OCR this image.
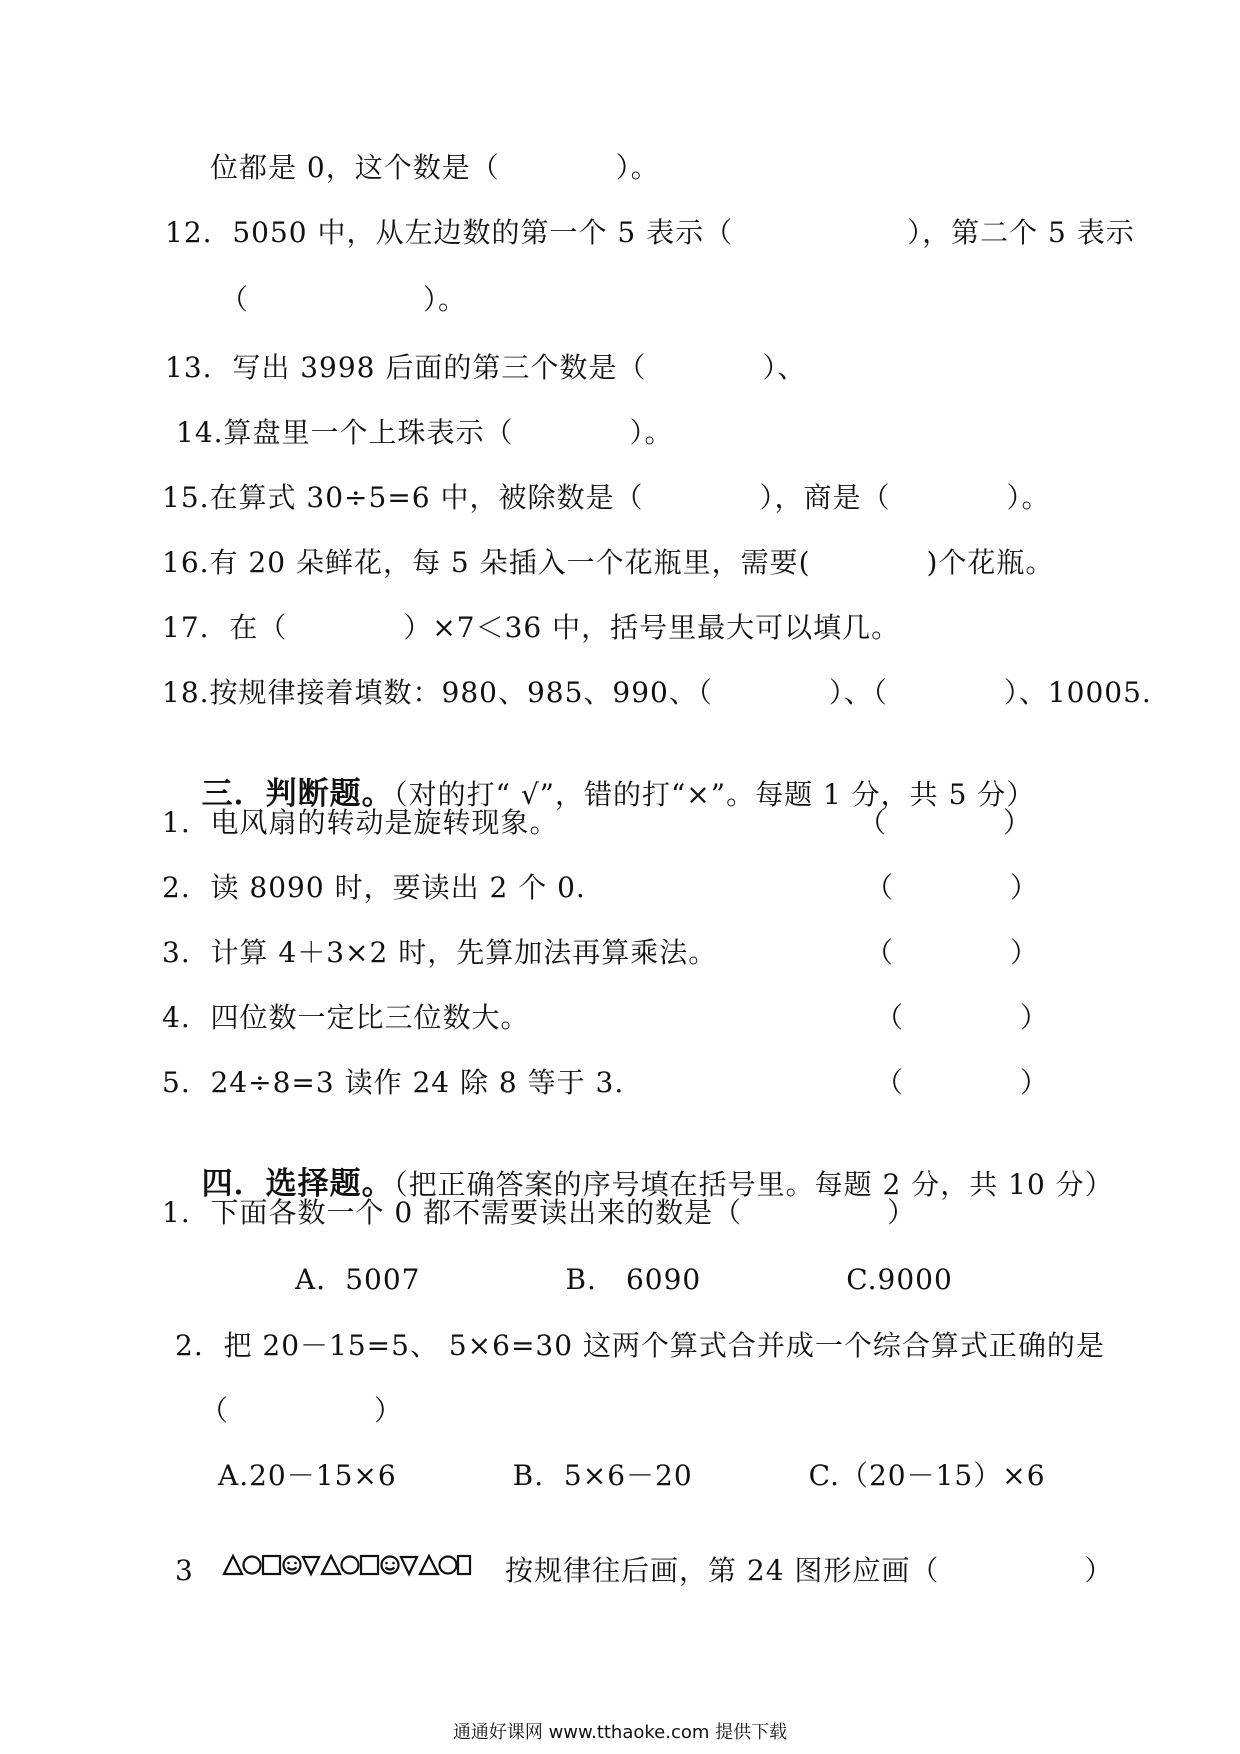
位都是 0，这个数是（　　　　）。
12.  5050 中，从左边数的第一个 5 表示（　　　　　　），第二个 5 表示
（　　　　　　）。
13.  写出 3998 后面的第三个数是（　　　　）、
14.算盘里一个上珠表示（　　　　）。
15.在算式 30÷5=6 中，被除数是（　　　　），商是（　　　　）。
16.有 20 朵鲜花，每 5 朵插入一个花瓶里，需要(　　　　)个花瓶。
17.  在（　　　　）×7＜36 中，括号里最大可以填几。
18.按规律接着填数：980、985、990、（　　　　）、（　　　　）、10005.

三．判断题。（对的打“ √”，错的打“×”。每题 1 分，共 5 分）

1.  电风扇的转动是旋转现象。	（　　　　）
2.  读 8090 时，要读出 2 个 0.	（　　　　）
3.  计算 4＋3×2 时，先算加法再算乘法。	（　　　　）
4.  四位数一定比三位数大。	（　　　　）
5.  24÷8=3 读作 24 除 8 等于 3.	（　　　　）

四．选择题。（把正确答案的序号填在括号里。每题 2 分，共 10 分）

1.  下面各数一个 0 都不需要读出来的数是（　　　　　）
A．5007　　　　　B.　6090　　　　　C.9000
2.  把 20－15=5、 5×6=30 这两个算式合并成一个综合算式正确的是
（　　　　　）
A.20－15×6　　　　B.  5×6－20　　　　C.（20－15）×6
3	按规律往后画，第 24 图形应画（　　　　　）
通通好课网 www.tthaoke.com 提供下载
